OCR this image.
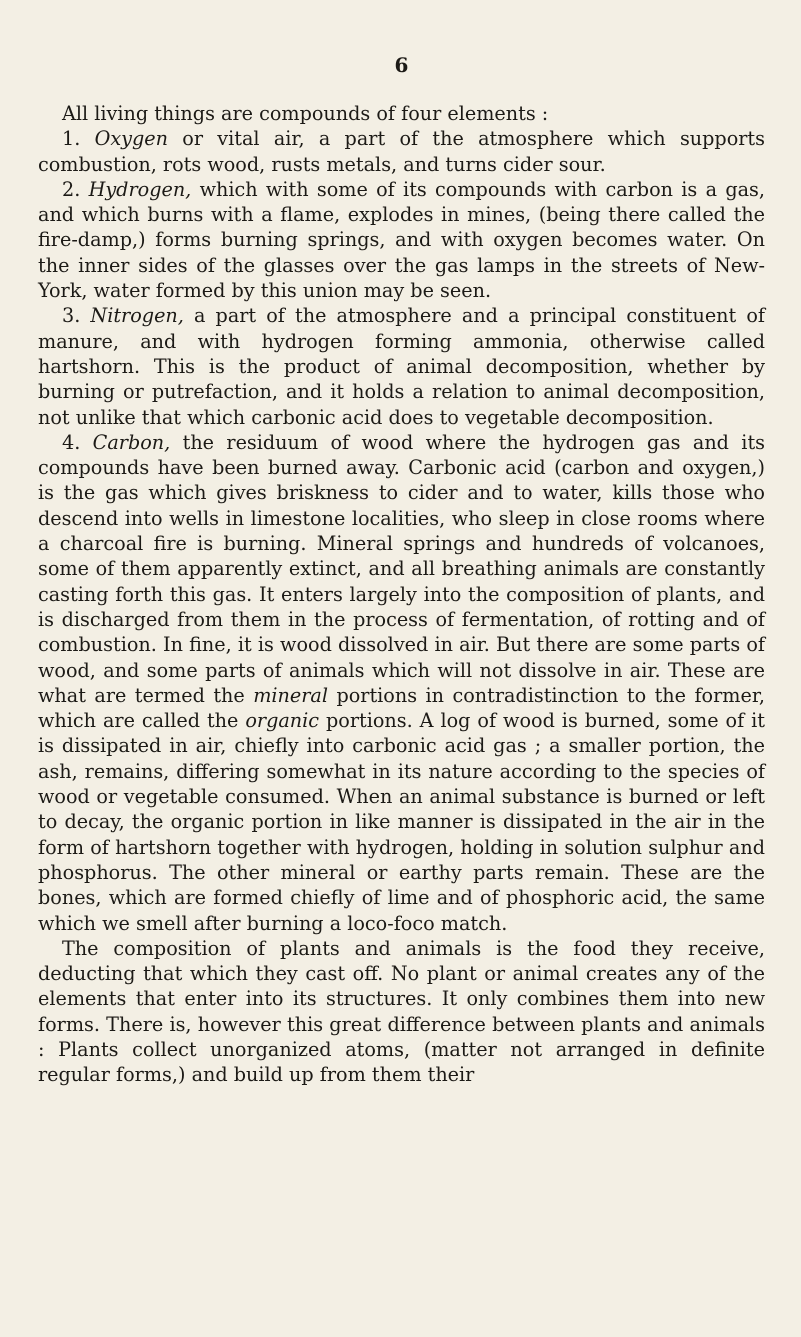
6

All living things are compounds of four elements :

1. Oxygen or vital air, a part of the atmosphere which supports combustion, rots wood, rusts metals, and turns cider sour.

2. Hydrogen, which with some of its compounds with carbon is a gas, and which burns with a flame, explodes in mines, (being there called the fire-damp,) forms burning springs, and with oxygen becomes water. On the inner sides of the glasses over the gas lamps in the streets of New-York, water formed by this union may be seen.

3. Nitrogen, a part of the atmosphere and a principal constituent of manure, and with hydrogen forming ammonia, otherwise called hartshorn. This is the product of animal decomposition, whether by burning or putrefaction, and it holds a relation to animal decomposition, not unlike that which carbonic acid does to vegetable decomposition.

4. Carbon, the residuum of wood where the hydrogen gas and its compounds have been burned away. Carbonic acid (carbon and oxygen,) is the gas which gives briskness to cider and to water, kills those who descend into wells in limestone localities, who sleep in close rooms where a charcoal fire is burning. Mineral springs and hundreds of volcanoes, some of them apparently extinct, and all breathing animals are constantly casting forth this gas. It enters largely into the composition of plants, and is discharged from them in the process of fermentation, of rotting and of combustion. In fine, it is wood dissolved in air. But there are some parts of wood, and some parts of animals which will not dissolve in air. These are what are termed the mineral portions in contradistinction to the former, which are called the organic portions. A log of wood is burned, some of it is dissipated in air, chiefly into carbonic acid gas ; a smaller portion, the ash, remains, differing somewhat in its nature according to the species of wood or vegetable consumed. When an animal substance is burned or left to decay, the organic portion in like manner is dissipated in the air in the form of hartshorn together with hydrogen, holding in solution sulphur and phosphorus. The other mineral or earthy parts remain. These are the bones, which are formed chiefly of lime and of phosphoric acid, the same which we smell after burning a loco-foco match.

The composition of plants and animals is the food they receive, deducting that which they cast off. No plant or animal creates any of the elements that enter into its structures. It only combines them into new forms. There is, however this great difference between plants and animals : Plants collect unorganized atoms, (matter not arranged in definite regular forms,) and build up from them their
